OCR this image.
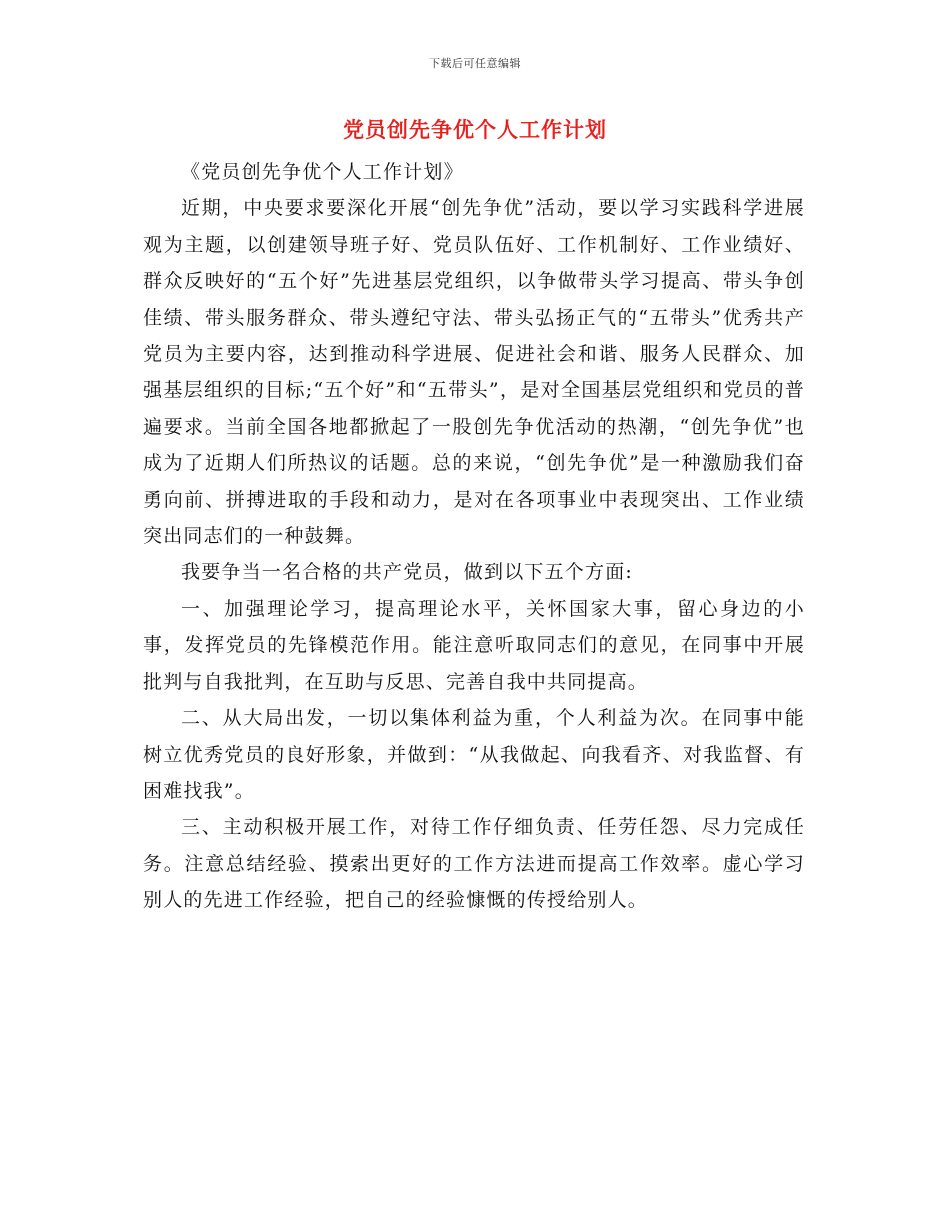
下载后可任意编辑
党员创先争优个人工作计划

《党员创先争优个人工作计划》

近期，中央要求要深化开展“创先争优”活动，要以学习实践科学进展观为主题，以创建领导班子好、党员队伍好、工作机制好、工作业绩好、群众反映好的“五个好”先进基层党组织，以争做带头学习提高、带头争创佳绩、带头服务群众、带头遵纪守法、带头弘扬正气的“五带头”优秀共产党员为主要内容，达到推动科学进展、促进社会和谐、服务人民群众、加强基层组织的目标;“五个好”和“五带头”，是对全国基层党组织和党员的普遍要求。当前全国各地都掀起了一股创先争优活动的热潮，“创先争优”也成为了近期人们所热议的话题。总的来说，“创先争优”是一种激励我们奋勇向前、拼搏进取的手段和动力，是对在各项事业中表现突出、工作业绩突出同志们的一种鼓舞。

我要争当一名合格的共产党员，做到以下五个方面:

一、加强理论学习，提高理论水平，关怀国家大事，留心身边的小事，发挥党员的先锋模范作用。能注意听取同志们的意见，在同事中开展批判与自我批判，在互助与反思、完善自我中共同提高。

二、从大局出发，一切以集体利益为重，个人利益为次。在同事中能树立优秀党员的良好形象，并做到：“从我做起、向我看齐、对我监督、有困难找我”。

三、主动积极开展工作，对待工作仔细负责、任劳任怨、尽力完成任务。注意总结经验、摸索出更好的工作方法进而提高工作效率。虚心学习别人的先进工作经验，把自己的经验慷慨的传授给别人。
